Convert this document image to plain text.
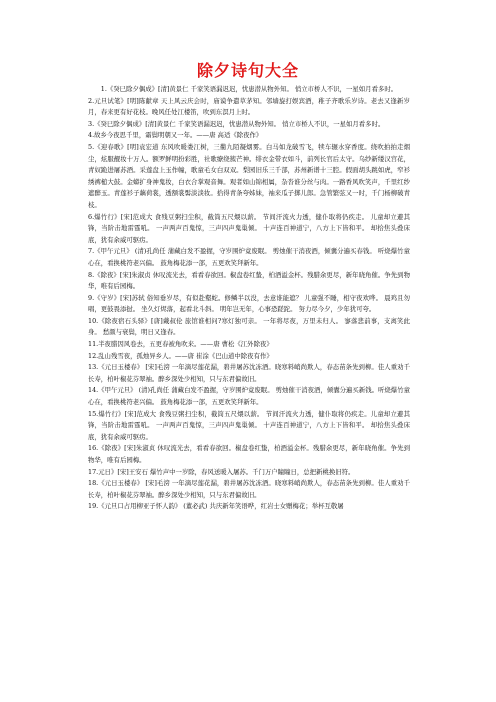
除夕诗句大全

1.《癸巳除夕偶成》[清]黄景仁 千家笑语漏迟迟，忧患潜从物外知。 悄立市桥人不识，一星如月看多时。

2.元旦试笔》[明]陈献章 天上风云庆会时，庙谟争遣草茅知。邻墙旋打娱宾酒，稚子齐歌乐岁诗。老去又逢新岁月，春来更有好花枝。晚风任处江楼笛，吹到东溟月上时。

3.《癸巳除夕偶成》[清]黄景仁 千家笑语漏迟迟，忧患潜从物外知。 悄立市桥人不识，一星如月看多时。

4.故乡今夜思千里，霜鬓明朝又一年。——唐 高适《除夜作》

5.《迎春歌》[明]袁宏道 东风吹暖娄江树，三衢九陌凝烟雾。白马如龙破雪飞，犊车辗水穿香度。绕吹拍拍走烟尘，炫服靓妆十万人。额罗鲜明扮彩胜，社歌缭绕簇芒神。绯衣金带衣如斗，前列长官后太守。乌纱新缕汉宫花，青奴跪进屠苏酒。采莲盘上玉作幢，歌童毛女白双双。梨园旧乐三千部，苏州新谱十三腔。假面胡头跳如虎，窄衫绣裤槌大鼓。金蟒扩身神鬼妆，白衣合掌观音舞。观者如山锦相属，杂沓谁分丝与肉。一路香风吹笑声，千里红纱遮醉玉。青莲衫子藕荷裳，透额裳髻淡淡妆。拾得青条夸姊妹，袖来瓜子掷儿郎。急管繁弦又一时，千门杨柳破青枝。

6.爆竹行》[宋]范成大 食残豆粥扫尘积，截筒五尺煨以薪。 节间汗流火力透，健仆取将仍疾走。 儿童却立避其锋，当阶击地雷霆吼。 一声两声百鬼惊，三声四声鬼巢倾。 十声连百神道宁，八方上下皆和平。 却拾焦头叠床底，犹有余威可驱疠。

7.《甲午元旦》 (清)孔尚任 蒲藏白发不盈握，守岁围炉竟废眠。 剪烛催干消夜酒，倾囊分遍买春钱。 听烧爆竹童心在，看换桃符老兴偏。 鼓角梅花添一部，五更欢笑拜新年。

8.《除夜》[宋]朱淑贞 休叹流光去，看看春欲回。椒盘卷红蛰，柏酒溢金杯。残腊余更尽，新年晓角催。争先到物华，唯有后园梅。

9.《守岁》[宋]苏轼 俗知垂岁尽，有似赴壑蛇。修鳞半以没，去意谁能遮？ 儿童强不睡，相守夜欢哗。 晨鸡且勿唱，更鼓畏添挝。 坐久灯烬落，起看北斗斜。 明年岂无年，心事恐蹉跎。 努力尽今夕，少年犹可夸。

10.《除夜宿石头驿》[唐]戴叔伦 旅馆谁相问?寒灯独可亲。 一年将尽夜，万里未归人。 寥落悲前事，支离笑此身。 愁颜与衰鬓，明日又逢春。

11.半夜腊因风卷去，五更春被角吹来。——唐 曹松《江外除夜》

12.乱山残雪夜，孤烛异乡人。——唐 崔涂《巴山道中除夜有作》

13.《元日玉楼春》 [宋]毛滂 一年滴尽莲花漏，碧井屠苏沈冻酒。晓寒料峭尚欺人，春态苗条先到柳。佳人重劝千长寿，柏叶椒花芬翠袖。醉乡深处少相知，只与东君偏故旧。

14.《甲午元旦》 (清)孔尚任 蒲藏白发不盈握，守岁围炉竟废眠。 剪烛催干消夜酒，倾囊分遍买新钱。听烧爆竹童心在，看换桃符老兴偏。 鼓角梅花添一部，五更欢笑拜新年。

15.爆竹行》[宋]范成大 食残豆粥扫尘积，截筒五尺煨以薪。 节间汗流火力透，健仆取将仍疾走。儿童却立避其锋，当阶击地雷霆吼。 一声两声百鬼惊，三声四声鬼巢倾。 十声连百神道宁，八方上下皆和平。 却拾焦头叠床底，犹有余威可驱疠。

16.《除夜》[宋]朱淑贞 休叹流光去，看看春欲回。椒盘卷红蛰，柏酒溢金杯。残腊余更尽，新年晓角催。争先到物华，唯有后园梅。

17.元日》[宋]王安石 爆竹声中一岁除，春风送暖入屠苏。千门万户瞳瞳日，总把新桃换旧符。

18.《元日玉楼春》 [宋]毛滂 一年滴尽莲花漏，碧井屠苏沈冻酒。晓寒料峭尚欺人，春态苗条先到柳。佳人重劝千长寿，柏叶椒花芬翠袖。醉乡深处少相知，只与东君偏故旧。

19.《元旦口占用柳亚子怀人韵》 (董必武) 共庆新年笑语哗，红岩士女赠梅花；举杯互敬屠
